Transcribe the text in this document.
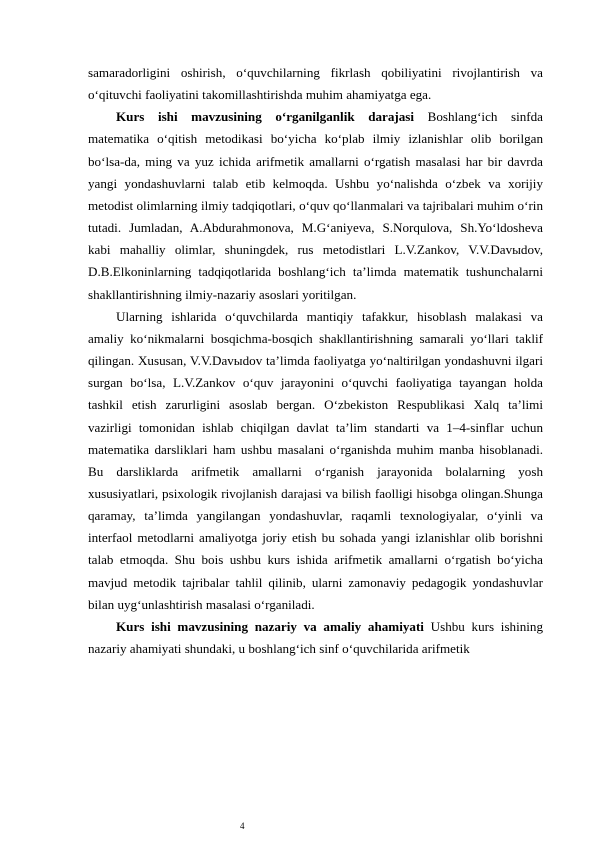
samaradorligini oshirish, o‘quvchilarning fikrlash qobiliyatini rivojlantirish va o‘qituvchi faoliyatini takomillashtirishda muhim ahamiyatga ega.

Kurs ishi mavzusining o‘rganilganlik darajasi Boshlang‘ich sinfda matematika o‘qitish metodikasi bo‘yicha ko‘plab ilmiy izlanishlar olib borilgan bo‘lsa-da, ming va yuz ichida arifmetik amallarni o‘rgatish masalasi har bir davrda yangi yondashuvlarni talab etib kelmoqda. Ushbu yo‘nalishda o‘zbek va xorijiy metodist olimlarning ilmiy tadqiqotlari, o‘quv qo‘llanmalari va tajribalari muhim o‘rin tutadi. Jumladan, A.Abdurahmonova, M.G‘aniyeva, S.Norqulova, Sh.Yo‘ldosheva kabi mahalliy olimlar, shuningdek, rus metodistlari L.V.Zankov, V.V.Davыdov, D.B.Elkoninlarning tadqiqotlarida boshlang‘ich ta’limda matematik tushunchalarni shakllantirishning ilmiy-nazariy asoslari yoritilgan.

Ularning ishlarida o‘quvchilarda mantiqiy tafakkur, hisoblash malakasi va amaliy ko‘nikmalarni bosqichma-bosqich shakllantirishning samarali yo‘llari taklif qilingan. Xususan, V.V.Davыdov ta’limda faoliyatga yo‘naltirilgan yondashuvni ilgari surgan bo‘lsa, L.V.Zankov o‘quv jarayonini o‘quvchi faoliyatiga tayangan holda tashkil etish zarurligini asoslab bergan. O‘zbekiston Respublikasi Xalq ta’limi vazirligi tomonidan ishlab chiqilgan davlat ta’lim standarti va 1–4-sinflar uchun matematika darsliklari ham ushbu masalani o‘rganishda muhim manba hisoblanadi. Bu darsliklarda arifmetik amallarni o‘rganish jarayonida bolalarning yosh xususiyatlari, psixologik rivojlanish darajasi va bilish faolligi hisobga olingan.Shunga qaramay, ta’limda yangilangan yondashuvlar, raqamli texnologiyalar, o‘yinli va interfaol metodlarni amaliyotga joriy etish bu sohada yangi izlanishlar olib borishni talab etmoqda. Shu bois ushbu kurs ishida arifmetik amallarni o‘rgatish bo‘yicha mavjud metodik tajribalar tahlil qilinib, ularni zamonaviy pedagogik yondashuvlar bilan uyg‘unlashtirish masalasi o‘rganiladi.

Kurs ishi mavzusining nazariy va amaliy ahamiyati Ushbu kurs ishining nazariy ahamiyati shundaki, u boshlang‘ich sinf o‘quvchilarida arifmetik

4
